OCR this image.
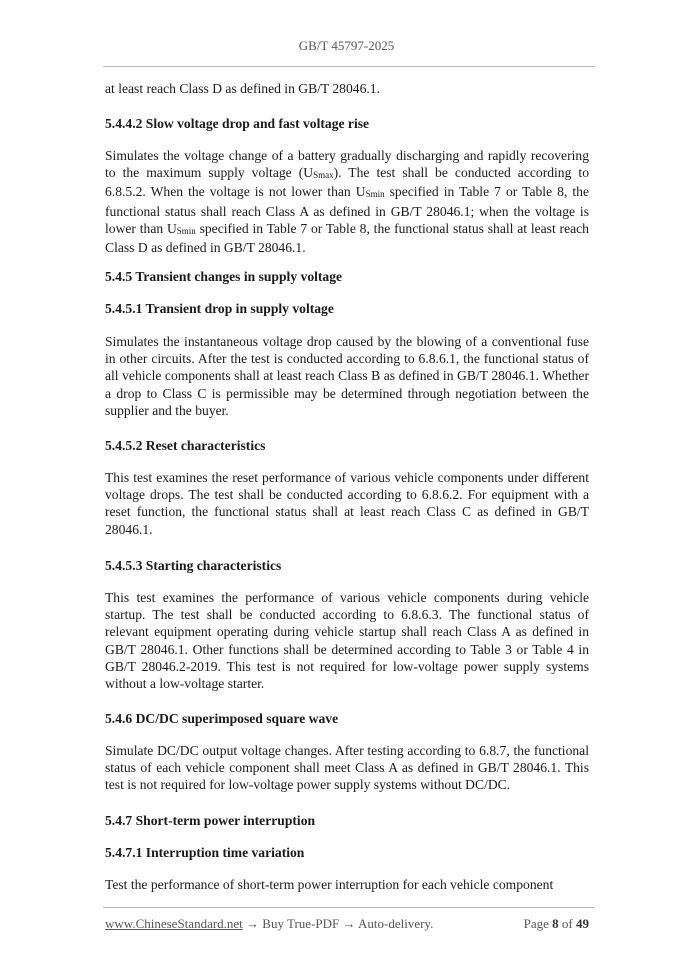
GB/T 45797-2025
at least reach Class D as defined in GB/T 28046.1.
5.4.4.2 Slow voltage drop and fast voltage rise
Simulates the voltage change of a battery gradually discharging and rapidly recovering to the maximum supply voltage $(U_{Smax})$. The test shall be conducted according to 6.8.5.2. When the voltage is not lower than $U_{Smin}$ specified in Table 7 or Table 8, the functional status shall reach Class A as defined in GB/T 28046.1; when the voltage is lower than $U_{Smin}$ specified in Table 7 or Table 8, the functional status shall at least reach Class D as defined in GB/T 28046.1.
5.4.5 Transient changes in supply voltage
5.4.5.1 Transient drop in supply voltage
Simulates the instantaneous voltage drop caused by the blowing of a conventional fuse in other circuits. After the test is conducted according to 6.8.6.1, the functional status of all vehicle components shall at least reach Class B as defined in GB/T 28046.1. Whether a drop to Class C is permissible may be determined through negotiation between the supplier and the buyer.
5.4.5.2 Reset characteristics
This test examines the reset performance of various vehicle components under different voltage drops. The test shall be conducted according to 6.8.6.2. For equipment with a reset function, the functional status shall at least reach Class C as defined in GB/T 28046.1.
5.4.5.3 Starting characteristics
This test examines the performance of various vehicle components during vehicle startup. The test shall be conducted according to 6.8.6.3. The functional status of relevant equipment operating during vehicle startup shall reach Class A as defined in GB/T 28046.1. Other functions shall be determined according to Table 3 or Table 4 in GB/T 28046.2-2019. This test is not required for low-voltage power supply systems without a low-voltage starter.
5.4.6 DC/DC superimposed square wave
Simulate DC/DC output voltage changes. After testing according to 6.8.7, the functional status of each vehicle component shall meet Class A as defined in GB/T 28046.1. This test is not required for low-voltage power supply systems without DC/DC.
5.4.7 Short-term power interruption
5.4.7.1 Interruption time variation
Test the performance of short-term power interruption for each vehicle component
www.ChineseStandard.net → Buy True-PDF → Auto-delivery.	Page 8 of 49
